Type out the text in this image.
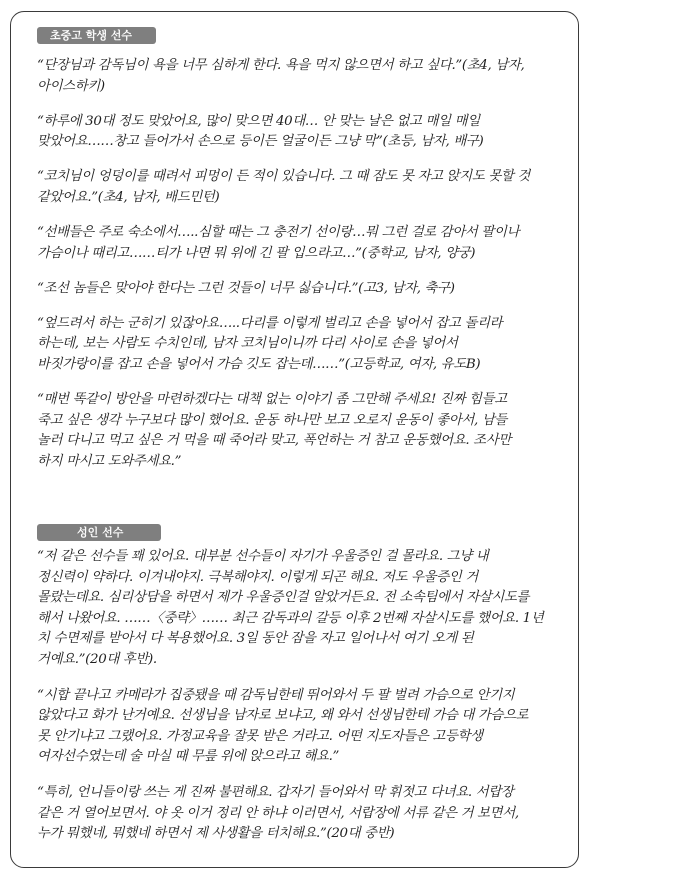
초중고 학생 선수

“단장님과 감독님이 욕을 너무 심하게 한다. 욕을 먹지 않으면서 하고 싶다.”(초4, 남자,
아이스하키)

“하루에 30대 정도 맞았어요, 많이 맞으면 40대… 안 맞는 날은 없고 매일 매일
맞았어요……창고 들어가서 손으로 등이든 얼굴이든 그냥 막”(초등, 남자, 배구)

“코치님이 엉덩이를 때려서 피멍이 든 적이 있습니다. 그 때 잠도 못 자고 앉지도 못할 것
같았어요.”(초4, 남자, 배드민턴)

“선배들은 주로 숙소에서…..심할 때는 그 충전기 선이랑…뭐 그런 걸로 감아서 팔이나
가슴이나 때리고……티가 나면 뭐 위에 긴 팔 입으라고…”(중학교, 남자, 양궁)

“조선 놈들은 맞아야 한다는 그런 것들이 너무 싫습니다.”(고3, 남자, 축구)

“엎드려서 하는 군히기 있잖아요…..다리를 이렇게 벌리고 손을 넣어서 잡고 돌리라
하는데, 보는 사람도 수치인데, 남자 코치님이니까 다리 사이로 손을 넣어서
바짓가랑이를 잡고 손을 넣어서 가슴 깃도 잡는데……”(고등학교, 여자, 유도B)

“매번 똑같이 방안을 마련하겠다는 대책 없는 이야기 좀 그만해 주세요! 진짜 힘들고
죽고 싶은 생각 누구보다 많이 했어요. 운동 하나만 보고 오로지 운동이 좋아서, 남들
놀러 다니고 먹고 싶은 거 먹을 때 죽어라 맞고, 폭언하는 거 참고 운동했어요. 조사만
하지 마시고 도와주세요.”

성인 선수

“저 같은 선수들 꽤 있어요. 대부분 선수들이 자기가 우울증인 걸 몰라요. 그냥 내
정신력이 약하다. 이겨내야지. 극복해야지. 이렇게 되곤 해요. 저도 우울증인 거
몰랐는데요. 심리상담을 하면서 제가 우울증인걸 알았거든요. 전 소속팀에서 자살시도를
해서 나왔어요. ……〈중략〉…… 최근 감독과의 갈등 이후 2번째 자살시도를 했어요. 1년
치 수면제를 받아서 다 복용했어요. 3일 동안 잠을 자고 일어나서 여기 오게 된
거예요.”(20대 후반).

“시합 끝나고 카메라가 집중됐을 때 감독님한테 뛰어와서 두 팔 벌려 가슴으로 안기지
않았다고 화가 난거예요. 선생님을 남자로 보냐고, 왜 와서 선생님한테 가슴 대 가슴으로
못 안기냐고 그랬어요. 가정교육을 잘못 받은 거라고. 어떤 지도자들은 고등학생
여자선수였는데 술 마실 때 무릎 위에 앉으라고 해요.”

“특히, 언니들이랑 쓰는 게 진짜 불편해요. 갑자기 들어와서 막 휘젓고 다녀요. 서랍장
같은 거 열어보면서. 야 옷 이거 정리 안 하냐 이러면서, 서랍장에 서류 같은 거 보면서,
누가 뭐했네, 뭐했네 하면서 제 사생활을 터치해요.”(20대 중반)
